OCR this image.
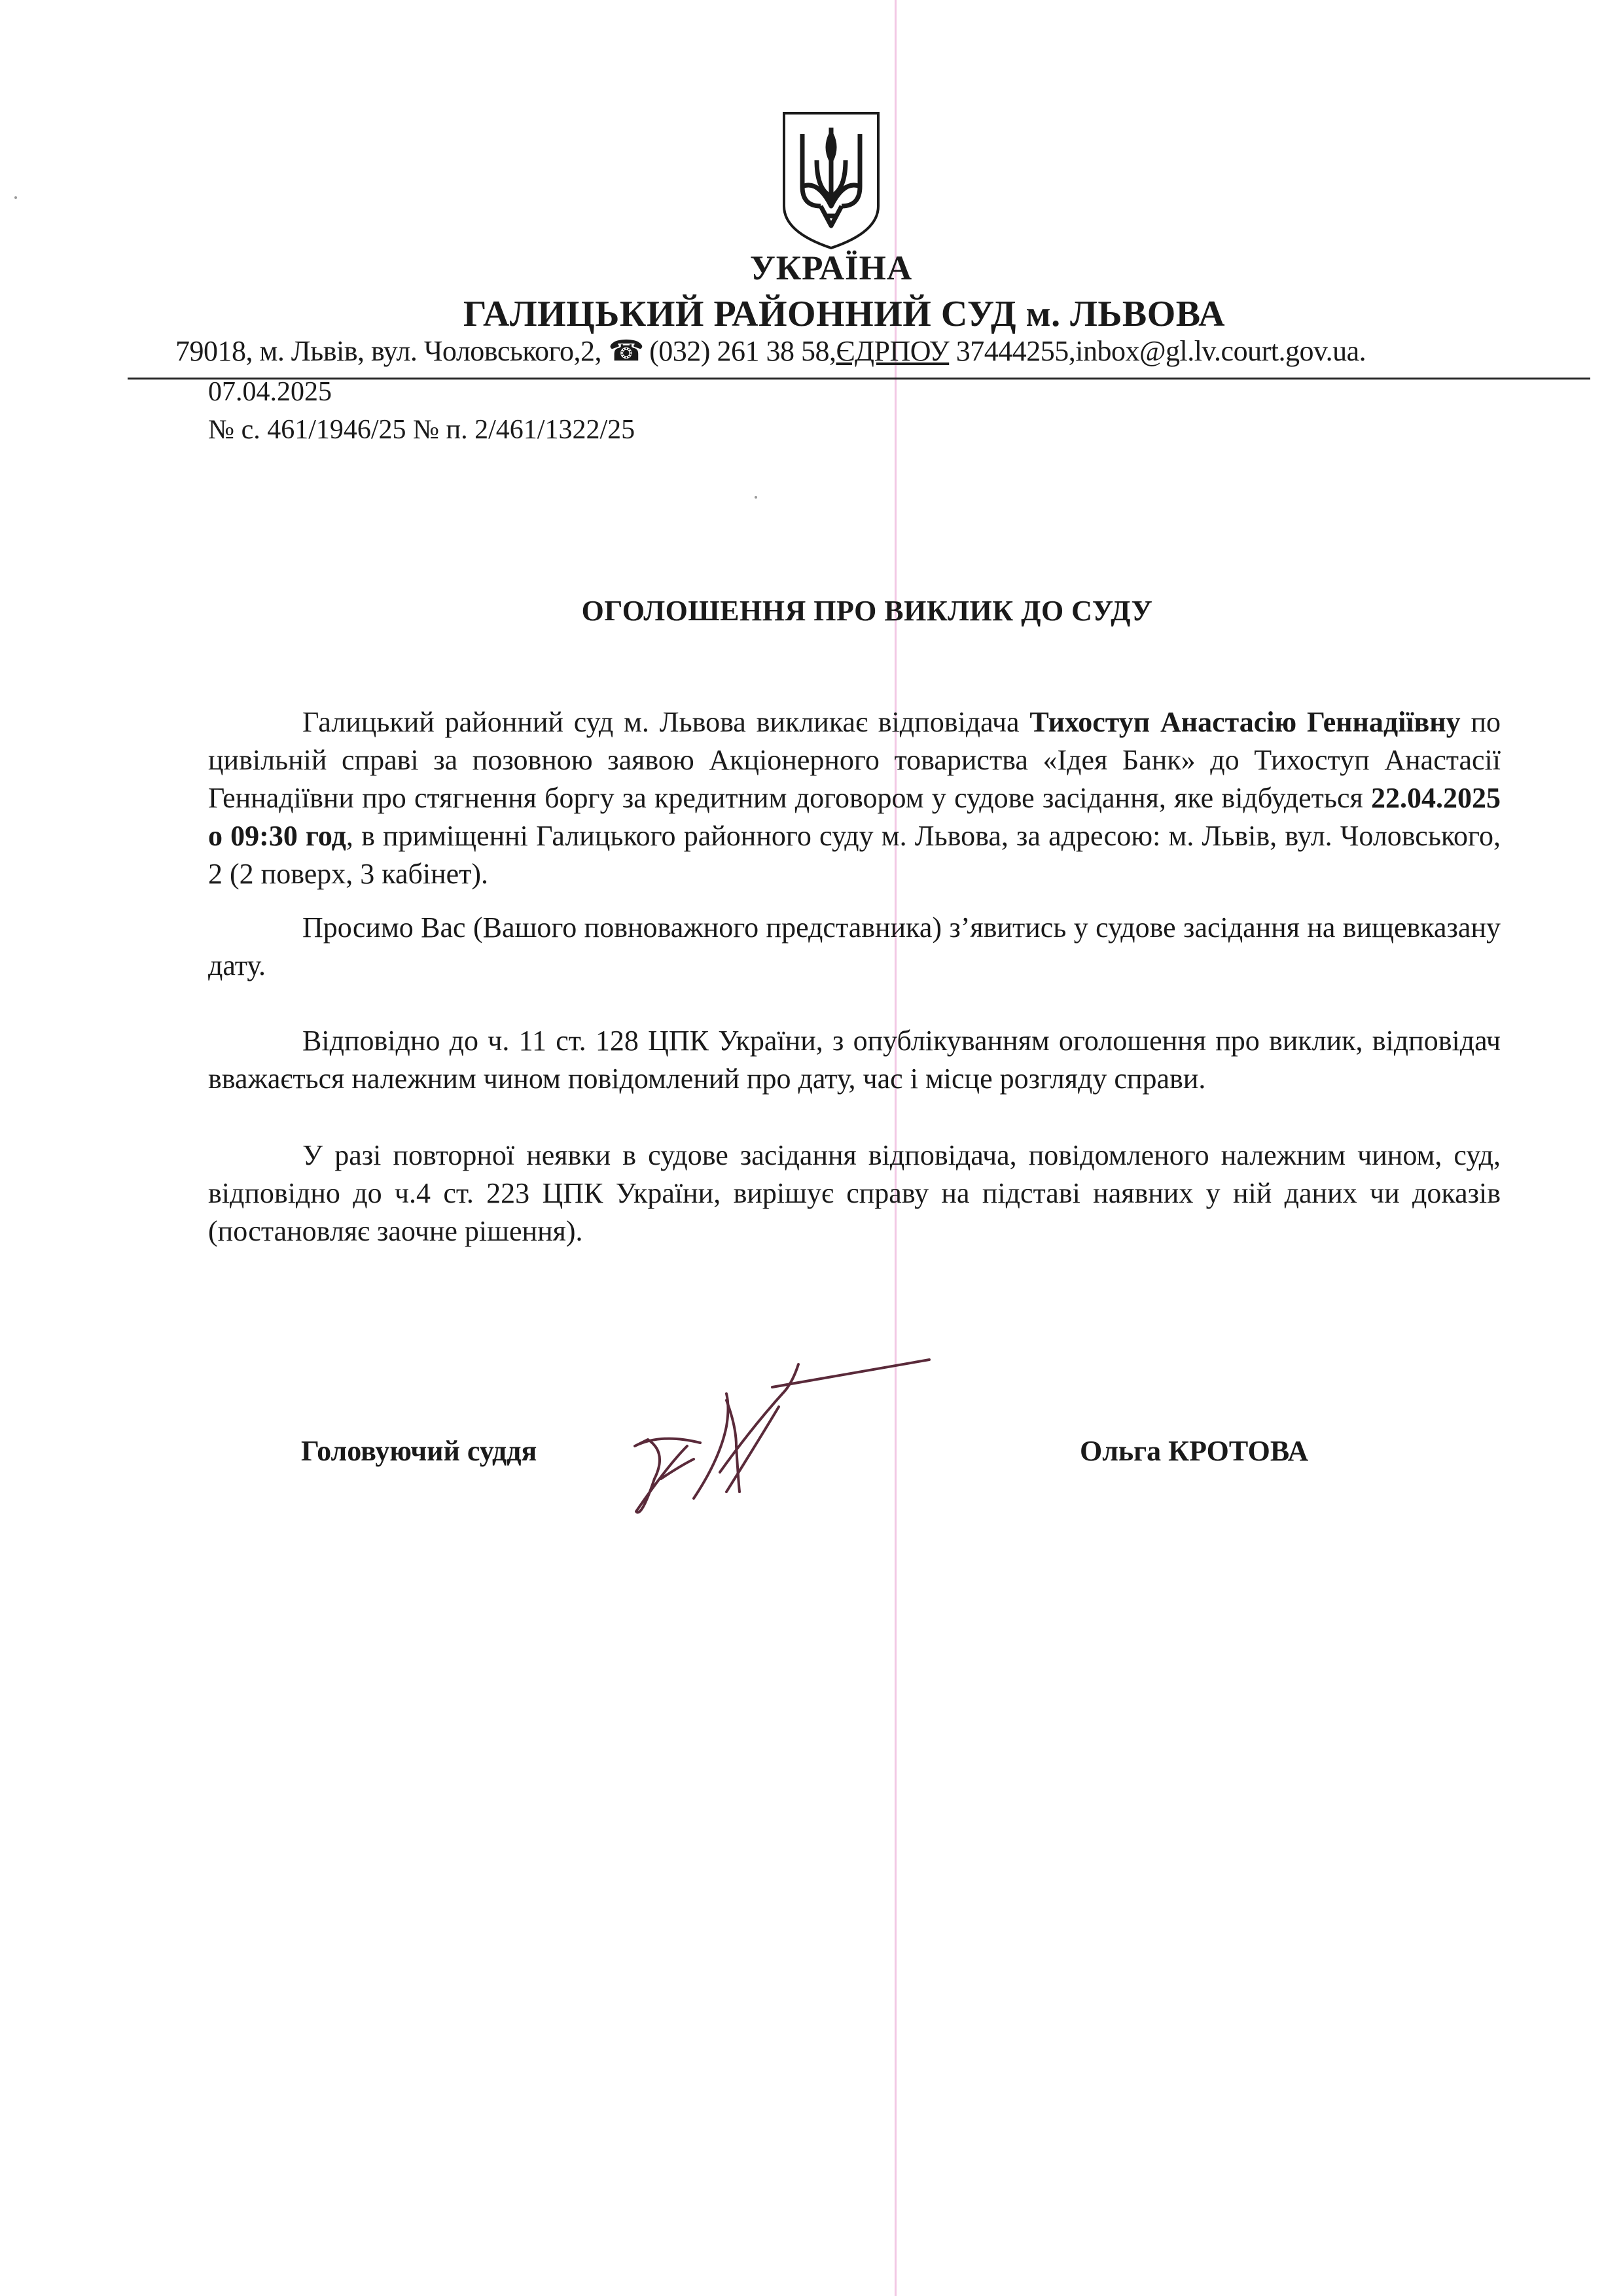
УКРАЇНА
ГАЛИЦЬКИЙ РАЙОННИЙ СУД м. ЛЬВОВА
79018, м. Львів, вул. Чоловського,2, ☎  (032) 261 38 58,ЄДРПОУ 37444255,inbox@gl.lv.court.gov.ua.
07.04.2025
№ с. 461/1946/25 № п. 2/461/1322/25
ОГОЛОШЕННЯ ПРО ВИКЛИК ДО СУДУ

Галицький районний суд м. Львова викликає відповідача Тихоступ Анастасію Геннадіївну по цивільній справі за позовною заявою Акціонерного товариства «Ідея Банк» до Тихоступ Анастасії Геннадіївни про стягнення боргу за кредитним договором у судове засідання, яке відбудеться 22.04.2025 о 09:30 год, в приміщенні Галицького районного суду м. Львова, за адресою: м. Львів, вул. Чоловського, 2 (2 поверх, 3 кабінет).

Просимо Вас (Вашого повноважного представника) з’явитись у судове засідання на вищевказану дату.

Відповідно до ч. 11 ст. 128 ЦПК України, з опублікуванням оголошення про виклик, відповідач вважається належним чином повідомлений про дату, час і місце розгляду справи.

У разі повторної неявки в судове засідання відповідача, повідомленого належним чином, суд, відповідно до ч.4 ст. 223 ЦПК України, вирішує справу на підставі наявних у ній даних чи доказів (постановляє заочне рішення).

Головуючий суддя	Ольга КРОТОВА
